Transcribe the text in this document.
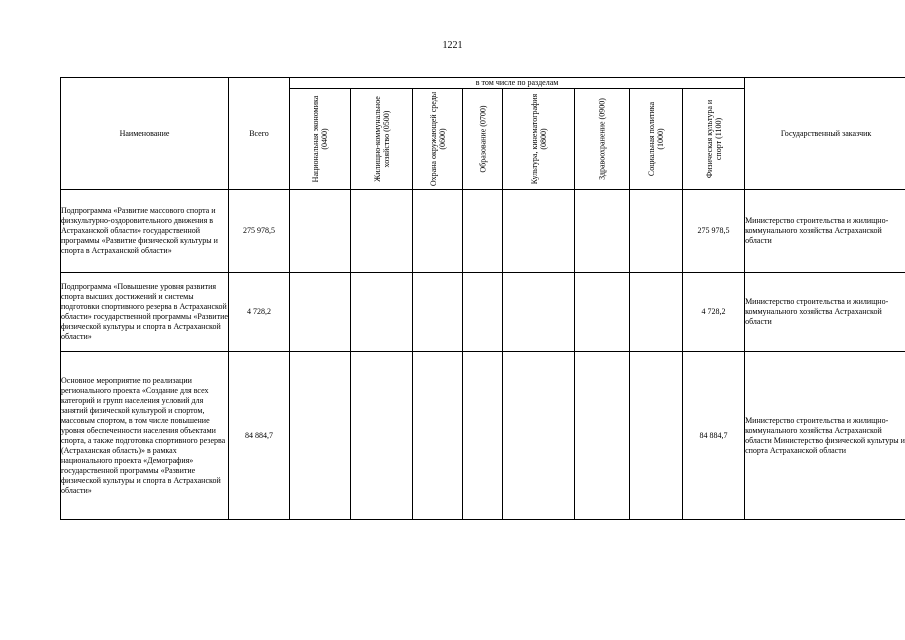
1221
Наименование	Всего	в том числе по разделам								Государственный заказчик

		Национальная экономика (0400)	Жилищно-коммунальное хозяйство (0500)	Охрана окружающей среды (0600)	Образование (0700)	Культура, кинематография (0800)	Здравоохранение (0900)	Социальная политика (1000)	Физическая культура и спорт (1100)	

Подпрограмма «Развитие массового спорта и физкультурно-оздоровительного движения в Астраханской области» государственной программы «Развитие физической культуры и спорта в Астраханской области»	275 978,5								275 978,5	Министерство строительства и жилищно-коммунального хозяйства Астраханской области
Подпрограмма «Повышение уровня развития спорта высших достижений и системы подготовки спортивного резерва в Астраханской области» государственной программы «Развитие физической культуры и спорта в Астраханской области»	4 728,2								4 728,2	Министерство строительства и жилищно-коммунального хозяйства Астраханской области
Основное мероприятие по реализации регионального проекта «Создание для всех категорий и групп населения условий для занятий физической культурой и спортом, массовым спортом, в том числе повышение уровня обеспеченности населения объектами спорта, а также подготовка спортивного резерва (Астраханская область)» в рамках национального проекта «Демография» государственной программы «Развитие физической культуры и спорта в Астраханской области»	84 884,7								84 884,7	Министерство строительства и жилищно-коммунального хозяйства Астраханской области Министерство физической культуры и спорта Астраханской области
